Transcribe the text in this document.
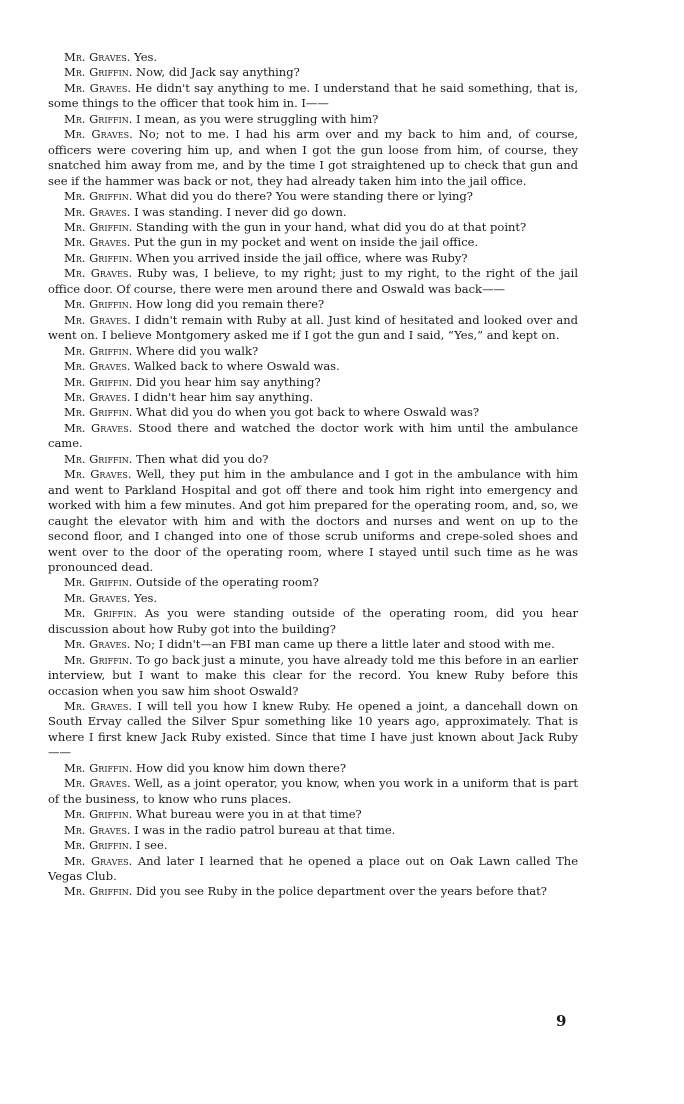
Mr. Graves. Yes.

Mr. Griffin. Now, did Jack say anything?

Mr. Graves. He didn't say anything to me. I understand that he said something, that is, some things to the officer that took him in. I——

Mr. Griffin. I mean, as you were struggling with him?

Mr. Graves. No; not to me. I had his arm over and my back to him and, of course, officers were covering him up, and when I got the gun loose from him, of course, they snatched him away from me, and by the time I got straightened up to check that gun and see if the hammer was back or not, they had already taken him into the jail office.

Mr. Griffin. What did you do there? You were standing there or lying?

Mr. Graves. I was standing. I never did go down.

Mr. Griffin. Standing with the gun in your hand, what did you do at that point?

Mr. Graves. Put the gun in my pocket and went on inside the jail office.

Mr. Griffin. When you arrived inside the jail office, where was Ruby?

Mr. Graves. Ruby was, I believe, to my right; just to my right, to the right of the jail office door. Of course, there were men around there and Oswald was back——

Mr. Griffin. How long did you remain there?

Mr. Graves. I didn't remain with Ruby at all. Just kind of hesitated and looked over and went on. I believe Montgomery asked me if I got the gun and I said, “Yes,” and kept on.

Mr. Griffin. Where did you walk?

Mr. Graves. Walked back to where Oswald was.

Mr. Griffin. Did you hear him say anything?

Mr. Graves. I didn't hear him say anything.

Mr. Griffin. What did you do when you got back to where Oswald was?

Mr. Graves. Stood there and watched the doctor work with him until the ambulance came.

Mr. Griffin. Then what did you do?

Mr. Graves. Well, they put him in the ambulance and I got in the ambulance with him and went to Parkland Hospital and got off there and took him right into emergency and worked with him a few minutes. And got him prepared for the operating room, and, so, we caught the elevator with him and with the doctors and nurses and went on up to the second floor, and I changed into one of those scrub uniforms and crepe-soled shoes and went over to the door of the operating room, where I stayed until such time as he was pronounced dead.

Mr. Griffin. Outside of the operating room?

Mr. Graves. Yes.

Mr. Griffin. As you were standing outside of the operating room, did you hear discussion about how Ruby got into the building?

Mr. Graves. No; I didn't—an FBI man came up there a little later and stood with me.

Mr. Griffin. To go back just a minute, you have already told me this before in an earlier interview, but I want to make this clear for the record. You knew Ruby before this occasion when you saw him shoot Oswald?

Mr. Graves. I will tell you how I knew Ruby. He opened a joint, a dancehall down on South Ervay called the Silver Spur something like 10 years ago, approximately. That is where I first knew Jack Ruby existed. Since that time I have just known about Jack Ruby——

Mr. Griffin. How did you know him down there?

Mr. Graves. Well, as a joint operator, you know, when you work in a uniform that is part of the business, to know who runs places.

Mr. Griffin. What bureau were you in at that time?

Mr. Graves. I was in the radio patrol bureau at that time.

Mr. Griffin. I see.

Mr. Graves. And later I learned that he opened a place out on Oak Lawn called The Vegas Club.

Mr. Griffin. Did you see Ruby in the police department over the years before that?

9
